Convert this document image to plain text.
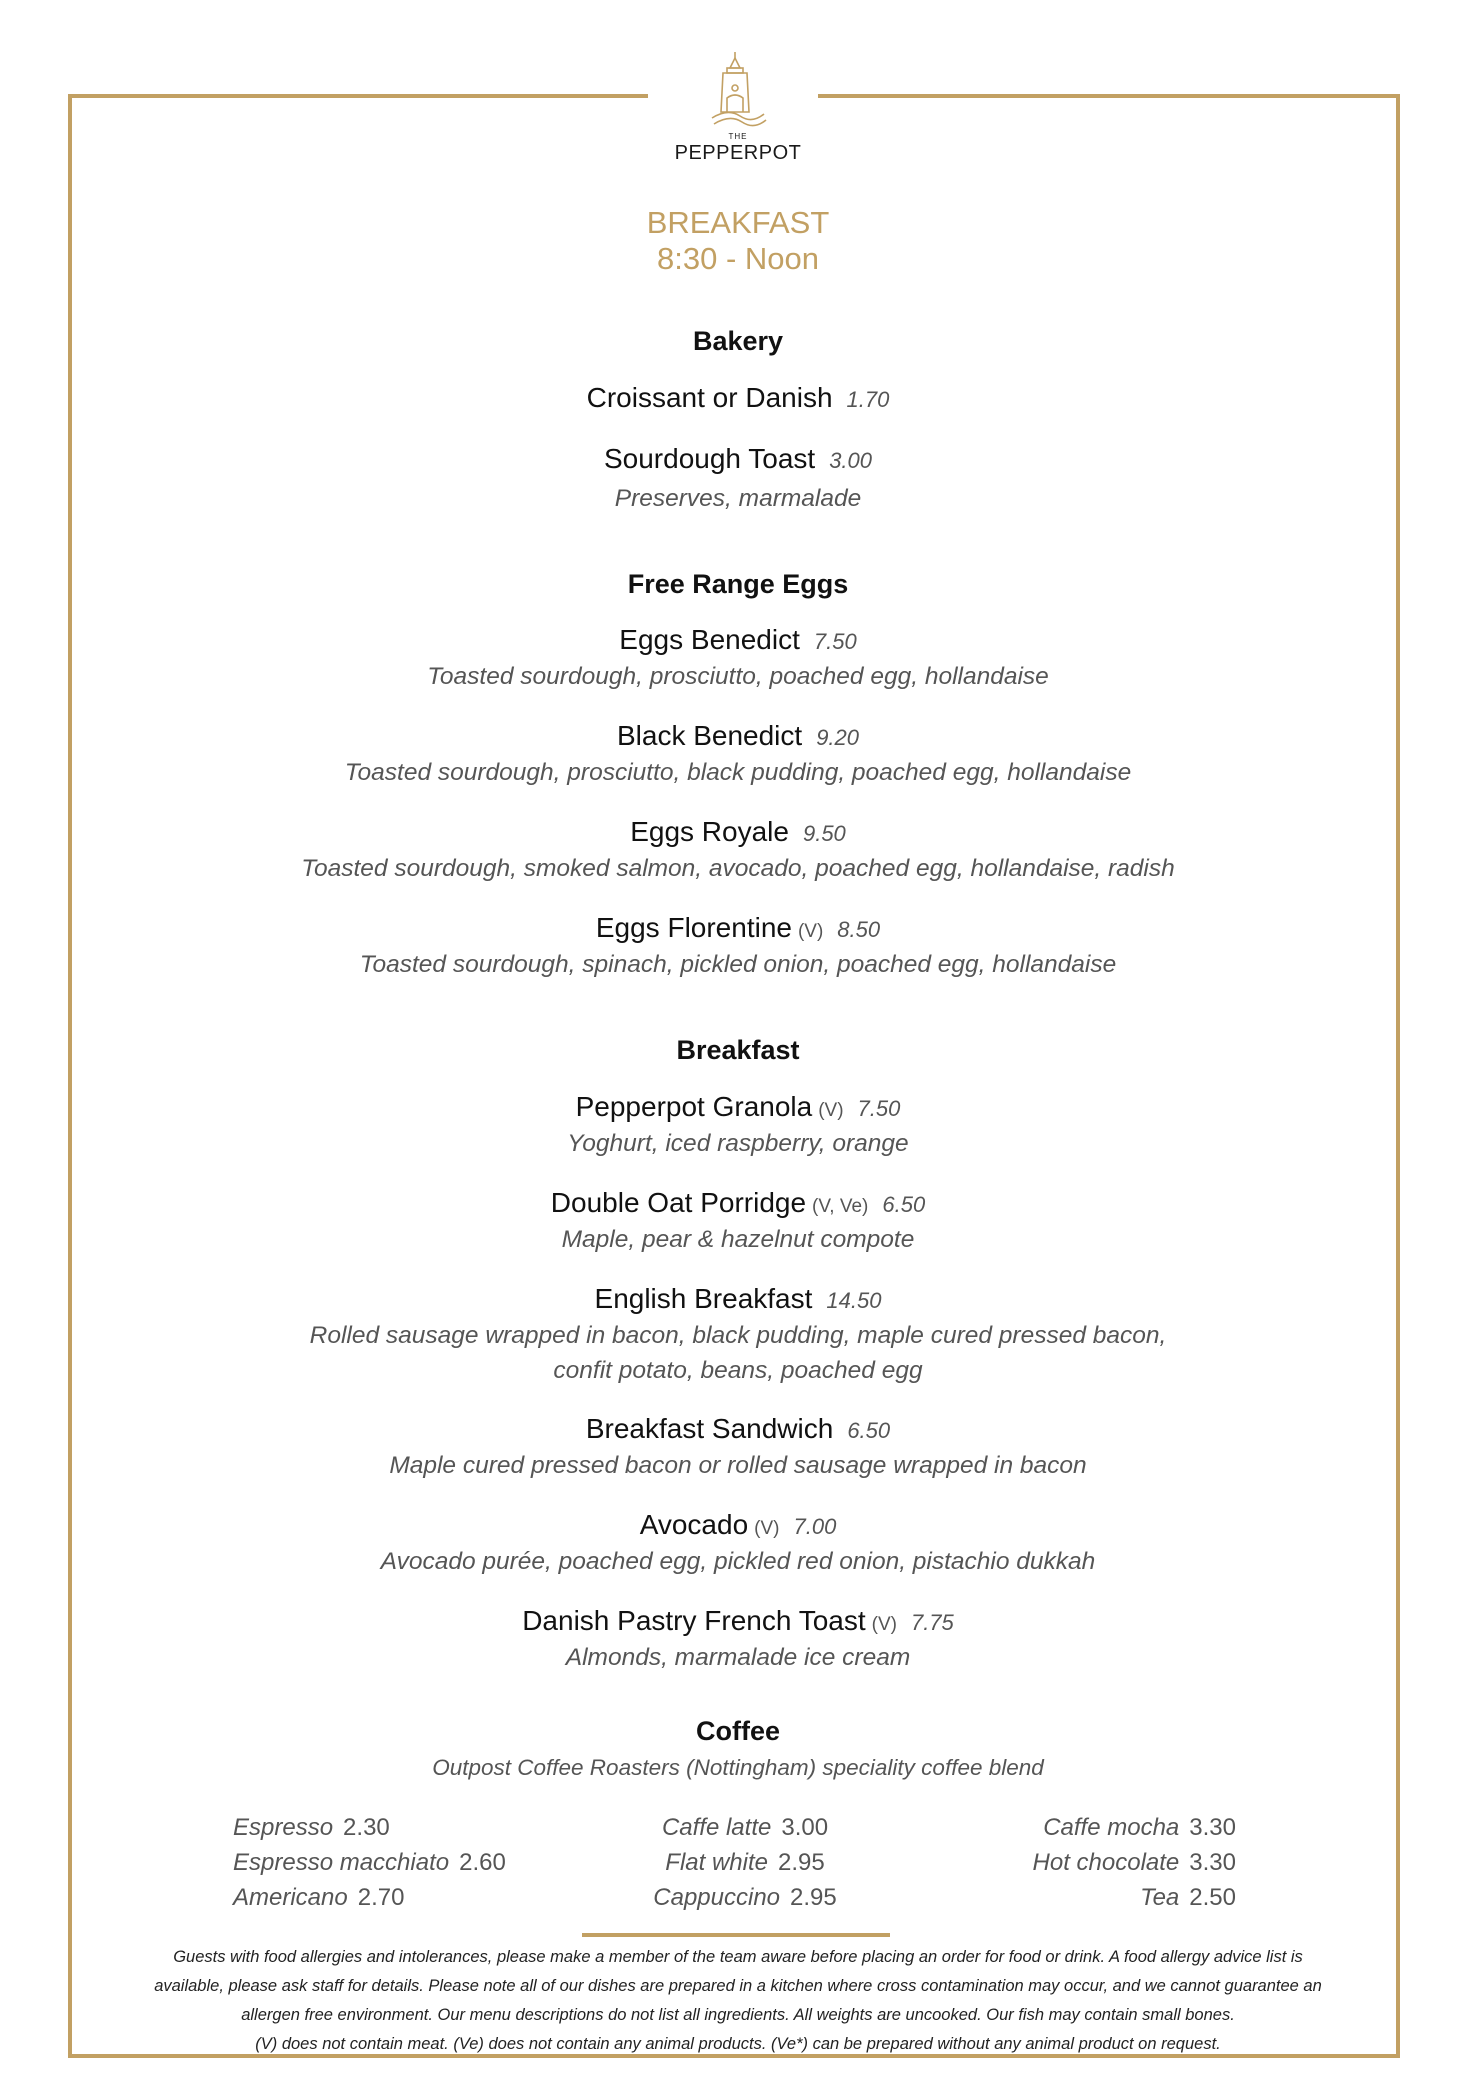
THE
PEPPERPOT
BREAKFAST
8:30 - Noon
Bakery
Croissant or Danish 1.70
Sourdough Toast 3.00
Preserves, marmalade
Free Range Eggs
Eggs Benedict 7.50
Toasted sourdough, prosciutto, poached egg, hollandaise
Black Benedict 9.20
Toasted sourdough, prosciutto, black pudding, poached egg, hollandaise
Eggs Royale 9.50
Toasted sourdough, smoked salmon, avocado, poached egg, hollandaise, radish
Eggs Florentine (V) 8.50
Toasted sourdough, spinach, pickled onion, poached egg, hollandaise
Breakfast
Pepperpot Granola (V) 7.50
Yoghurt, iced raspberry, orange
Double Oat Porridge (V, Ve) 6.50
Maple, pear & hazelnut compote
English Breakfast 14.50
Rolled sausage wrapped in bacon, black pudding, maple cured pressed bacon,
confit potato, beans, poached egg
Breakfast Sandwich 6.50
Maple cured pressed bacon or rolled sausage wrapped in bacon
Avocado (V) 7.00
Avocado purée, poached egg, pickled red onion, pistachio dukkah
Danish Pastry French Toast (V) 7.75
Almonds, marmalade ice cream
Coffee
Outpost Coffee Roasters (Nottingham) speciality coffee blend
Espresso 2.30
Espresso macchiato 2.60
Americano 2.70
Caffe latte 3.00
Flat white 2.95
Cappuccino 2.95
Caffe mocha 3.30
Hot chocolate 3.30
Tea 2.50
Guests with food allergies and intolerances, please make a member of the team aware before placing an order for food or drink. A food allergy advice list is
available, please ask staff for details. Please note all of our dishes are prepared in a kitchen where cross contamination may occur, and we cannot guarantee an
allergen free environment. Our menu descriptions do not list all ingredients. All weights are uncooked. Our fish may contain small bones.
(V) does not contain meat. (Ve) does not contain any animal products. (Ve*) can be prepared without any animal product on request.
